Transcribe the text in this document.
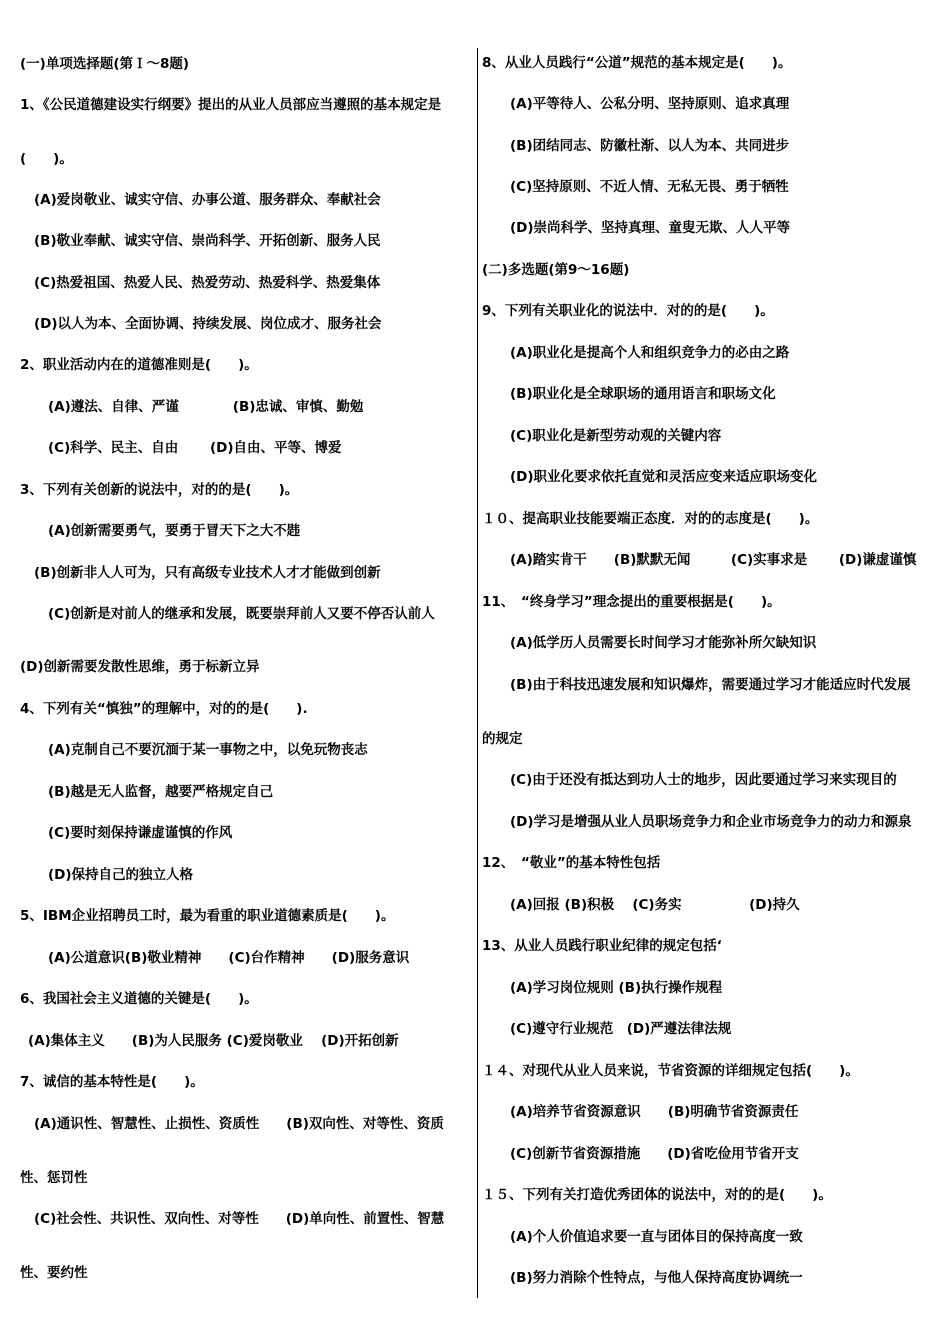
(一)单项选择题(第Ｉ～8题)
1、《公民道德建设实行纲要》提出的从业人员部应当遵照的基本规定是
(　　)。
(A)爱岗敬业、诚实守信、办事公道、服务群众、奉献社会
(B)敬业奉献、诚实守信、崇尚科学、开拓创新、服务人民
(C)热爱祖国、热爱人民、热爱劳动、热爱科学、热爱集体
(D)以人为本、全面协调、持续发展、岗位成才、服务社会
2、职业活动内在的道德准则是(　　)。
(A)遵法、自律、严谨　　　　(B)忠诚、审慎、勤勉
(C)科学、民主、自由　　 (D)自由、平等、博爱
3、下列有关创新的说法中，对的的是(　　)。
(A)创新需要勇气，要勇于冒天下之大不韪
(B)创新非人人可为，只有高级专业技术人才才能做到创新
(C)创新是对前人的继承和发展，既要崇拜前人又要不停否认前人
(D)创新需要发散性思维，勇于标新立异
4、下列有关“慎独”的理解中，对的的是(　　).
(A)克制自己不要沉湎于某一事物之中，以免玩物丧志
(B)越是无人监督，越要严格规定自己
(C)要时刻保持谦虚谨慎的作风
(D)保持自己的独立人格
5、IBM企业招聘员工时，最为看重的职业道德素质是(　　)。
(A)公道意识(B)敬业精神　　(C)台作精神　　(D)服务意识
6、我国社会主义道德的关键是(　　)。
(A)集体主义　　(B)为人民服务 (C)爱岗敬业　 (D)开拓创新
7、诚信的基本特性是(　　)。
(A)通识性、智慧性、止损性、资质性　　(B)双向性、对等性、资质
性、惩罚性
(C)社会性、共识性、双向性、对等性　　(D)单向性、前置性、智慧
性、要约性
8、从业人员践行“公道”规范的基本规定是(　　)。
(A)平等待人、公私分明、坚持原则、追求真理
(B)团结同志、防徽杜渐、以人为本、共同进步
(C)坚持原则、不近人情、无私无畏、勇于牺牲
(D)崇尚科学、坚持真理、童叟无欺、人人平等
(二)多选题(第9～16题)
9、下列有关职业化的说法中．对的的是(　　)。
(A)职业化是提高个人和组织竞争力的必由之路
(B)职业化是全球职场的通用语言和职场文化
(C)职业化是新型劳动观的关键内容
(D)职业化要求依托直觉和灵活应变来适应职场变化
１０、提高职业技能要端正态度．对的的志度是(　　)。
(A)踏实肯干　　(B)默默无闻　　　(C)实事求是　　 (D)谦虚谨慎
11、　“终身学习”理念提出的重要根据是(　　)。
(A)低学历人员需要长时间学习才能弥补所欠缺知识
(B)由于科技迅速发展和知识爆炸，需要通过学习才能适应时代发展
的规定
(C)由于还没有抵达到功人士的地步，因此要通过学习来实现目的
(D)学习是增强从业人员职场竞争力和企业市场竞争力的动力和源泉
12、　“敬业”的基本特性包括
(A)回报 (B)积极　 (C)务实　　　　　(D)持久
13、从业人员践行职业纪律的规定包括‘
(A)学习岗位规则 (B)执行操作规程
(C)遵守行业规范　(D)严遵法律法规
１４、对现代从业人员来说，节省资源的详细规定包括(　　)。
(A)培养节省资源意识　　(B)明确节省资源责任
(C)创新节省资源措施　　(D)省吃俭用节省开支
１５、下列有关打造优秀团体的说法中，对的的是(　　)。
(A)个人价值追求要一直与团体目的保持高度一致
(B)努力消除个性特点，与他人保持高度协调统一
